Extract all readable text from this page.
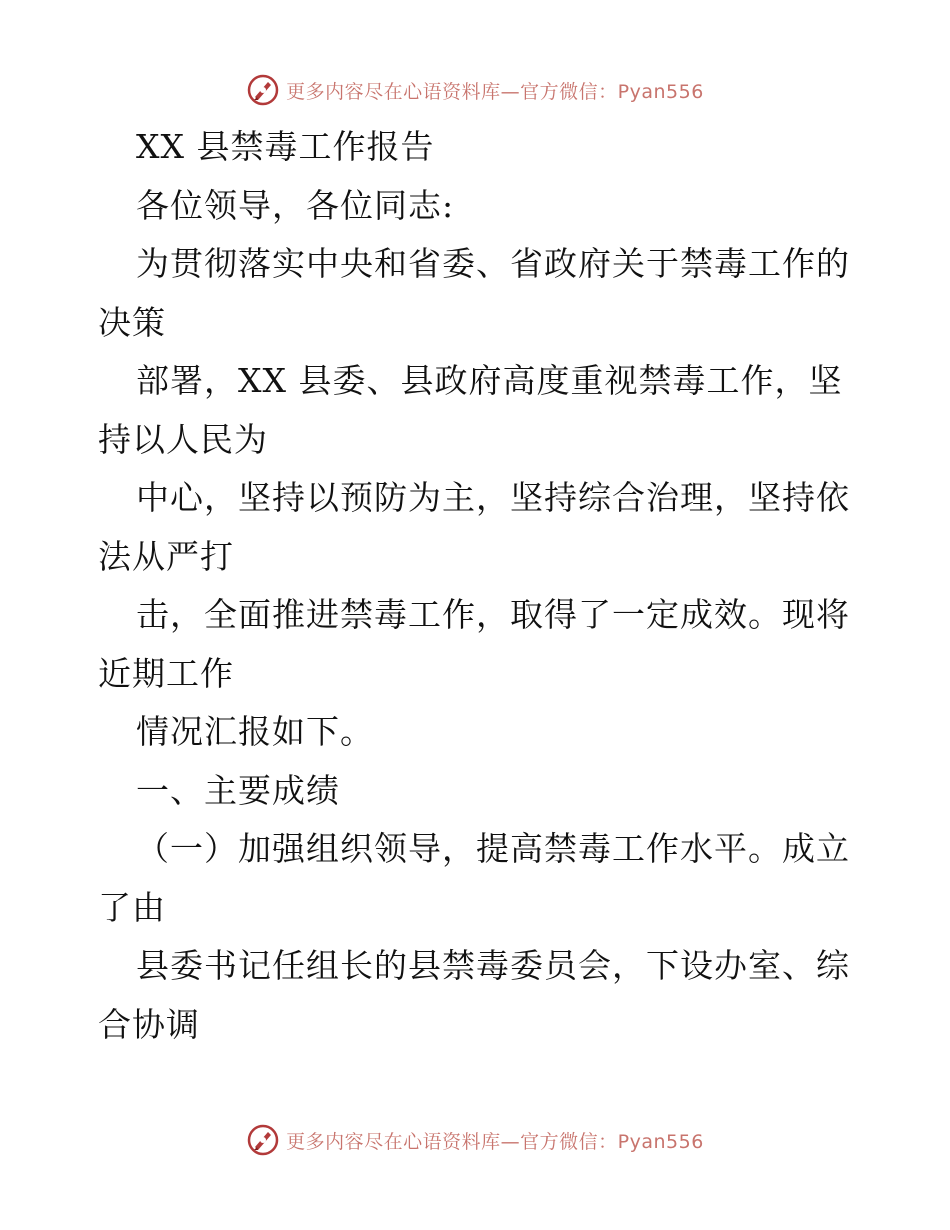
更多内容尽在心语资料库—官方微信：Pyan556
XX 县禁毒工作报告
各位领导，各位同志:
为贯彻落实中央和省委、省政府关于禁毒工作的
决策
部署，XX 县委、县政府高度重视禁毒工作，坚
持以人民为
中心，坚持以预防为主，坚持综合治理，坚持依
法从严打
击，全面推进禁毒工作，取得了一定成效。现将
近期工作
情况汇报如下。
一、主要成绩
（一）加强组织领导，提高禁毒工作水平。成立
了由
县委书记任组长的县禁毒委员会，下设办室、综
合协调
更多内容尽在心语资料库—官方微信：Pyan556
